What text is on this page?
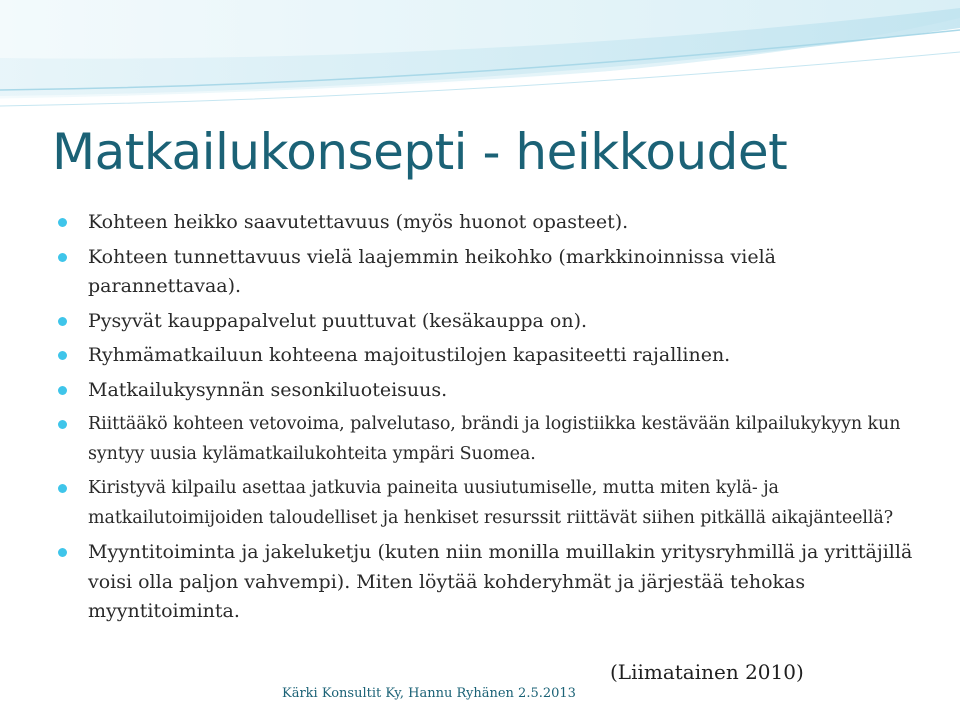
Matkailukonsepti - heikkoudet
Kohteen heikko saavutettavuus (myös huonot opasteet).
Kohteen tunnettavuus vielä laajemmin heikohko (markkinoinnissa vielä parannettavaa).
Pysyvät kauppapalvelut puuttuvat (kesäkauppa on).
Ryhmämatkailuun kohteena majoitustilojen kapasiteetti rajallinen.
Matkailukysynnän sesonkiluoteisuus.
Riittääkö kohteen vetovoima, palvelutaso, brändi ja logistiikka kestävään kilpailukykyyn kun syntyy uusia kylämatkailukohteita ympäri Suomea.
Kiristyvä kilpailu asettaa jatkuvia paineita uusiutumiselle, mutta miten kylä- ja matkailutoimijoiden taloudelliset ja henkiset resurssit riittävät siihen pitkällä aikajänteellä?
Myyntitoiminta ja jakeluketju (kuten niin monilla muillakin yritysryhmillä ja yrittäjillä voisi olla paljon vahvempi). Miten löytää kohderyhmät ja järjestää tehokas myyntitoiminta.
(Liimatainen 2010)
Kärki Konsultit Ky, Hannu Ryhänen 2.5.2013
